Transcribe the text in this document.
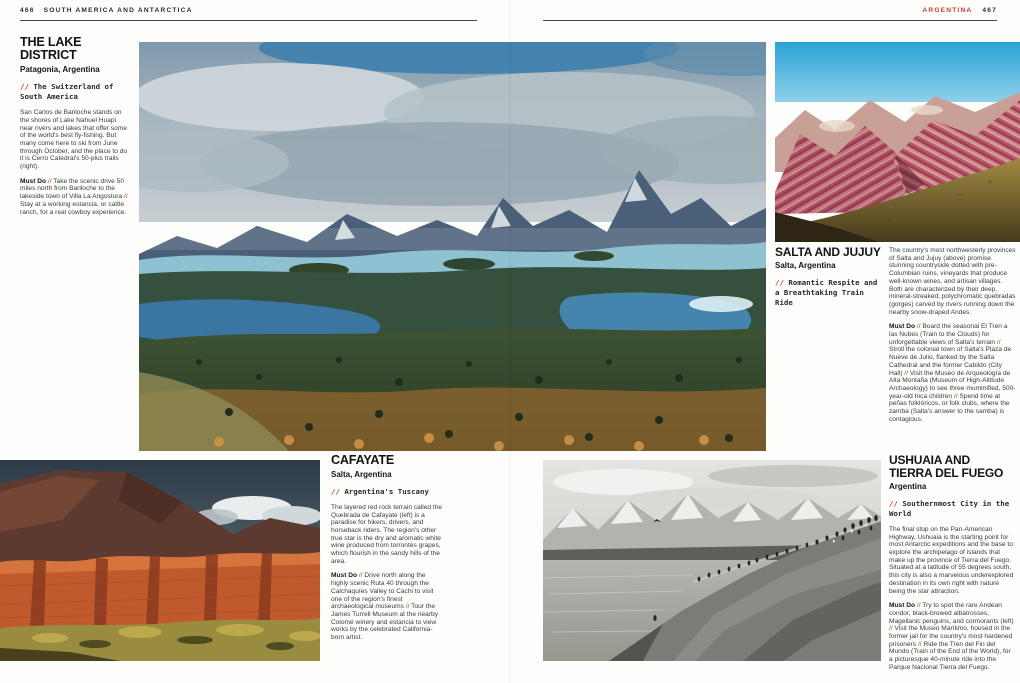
466 SOUTH AMERICA AND ANTARCTICA	ARGENTINA 467
THE LAKE DISTRICT
Patagonia, Argentina
// The Switzerland of South America

San Carlos de Bariloche stands on the shores of Lake Nahuel Huapi near rivers and lakes that offer some of the world's best fly-fishing. But many come here to ski from June through October, and the place to do it is Cerro Catedral's 50-plus trails (right).

Must Do // Take the scenic drive 50 miles north from Bariloche to the lakeside town of Villa La Angostura // Stay at a working estancia, or cattle ranch, for a real cowboy experience.

SALTA AND JUJUY
Salta, Argentina
// Romantic Respite and a Breathtaking Train Ride

The country's most northwesterly provinces of Salta and Jujuy (above) promise stunning countryside dotted with pre-Columbian ruins, vineyards that produce well-known wines, and artisan villages. Both are characterized by their deep, mineral-streaked, polychromatic quebradas (gorges) carved by rivers running down the nearby snow-draped Andes.

Must Do // Board the seasonal El Tren a las Nubes (Train to the Clouds) for unforgettable views of Salta's terrain // Stroll the colonial town of Salta's Plaza de Nueve de Julio, flanked by the Salta Cathedral and the former Cabildo (City Hall) // Visit the Museo de Arqueología de Alta Montaña (Museum of High-Altitude Archaeology) to see three mummified, 500-year-old Inca children // Spend time at peñas folklóricos, or folk clubs, where the zamba (Salta's answer to the samba) is contagious.

CAFAYATE
Salta, Argentina
// Argentina's Tuscany

The layered red rock terrain called the Quebrada de Cafayate (left) is a paradise for hikers, drivers, and horseback riders. The region's other true star is the dry and aromatic white wine produced from torrontés grapes, which flourish in the sandy hills of the area.

Must Do // Drive north along the highly scenic Ruta 40 through the Calchaquíes Valley to Cachi to visit one of the region's finest archaeological museums // Tour the James Turrell Museum at the nearby Colomé winery and estancia to view works by the celebrated California-born artist.

USHUAIA AND TIERRA DEL FUEGO
Argentina
// Southernmost City in the World

The final stop on the Pan-American Highway, Ushuaia is the starting point for most Antarctic expeditions and the base to explore the archipelago of islands that make up the province of Tierra del Fuego. Situated at a latitude of 55 degrees south, this city is also a marvelous underexplored destination in its own right with nature being the star attraction.

Must Do // Try to spot the rare Andean condor, black-browed albatrosses, Magellanic penguins, and cormorants (left) // Visit the Museo Marítimo, housed in the former jail for the country's most hardened prisoners // Ride the Tren del Fin del Mundo (Train of the End of the World), for a picturesque 40-minute ride into the Parque Nacional Tierra del Fuego.
